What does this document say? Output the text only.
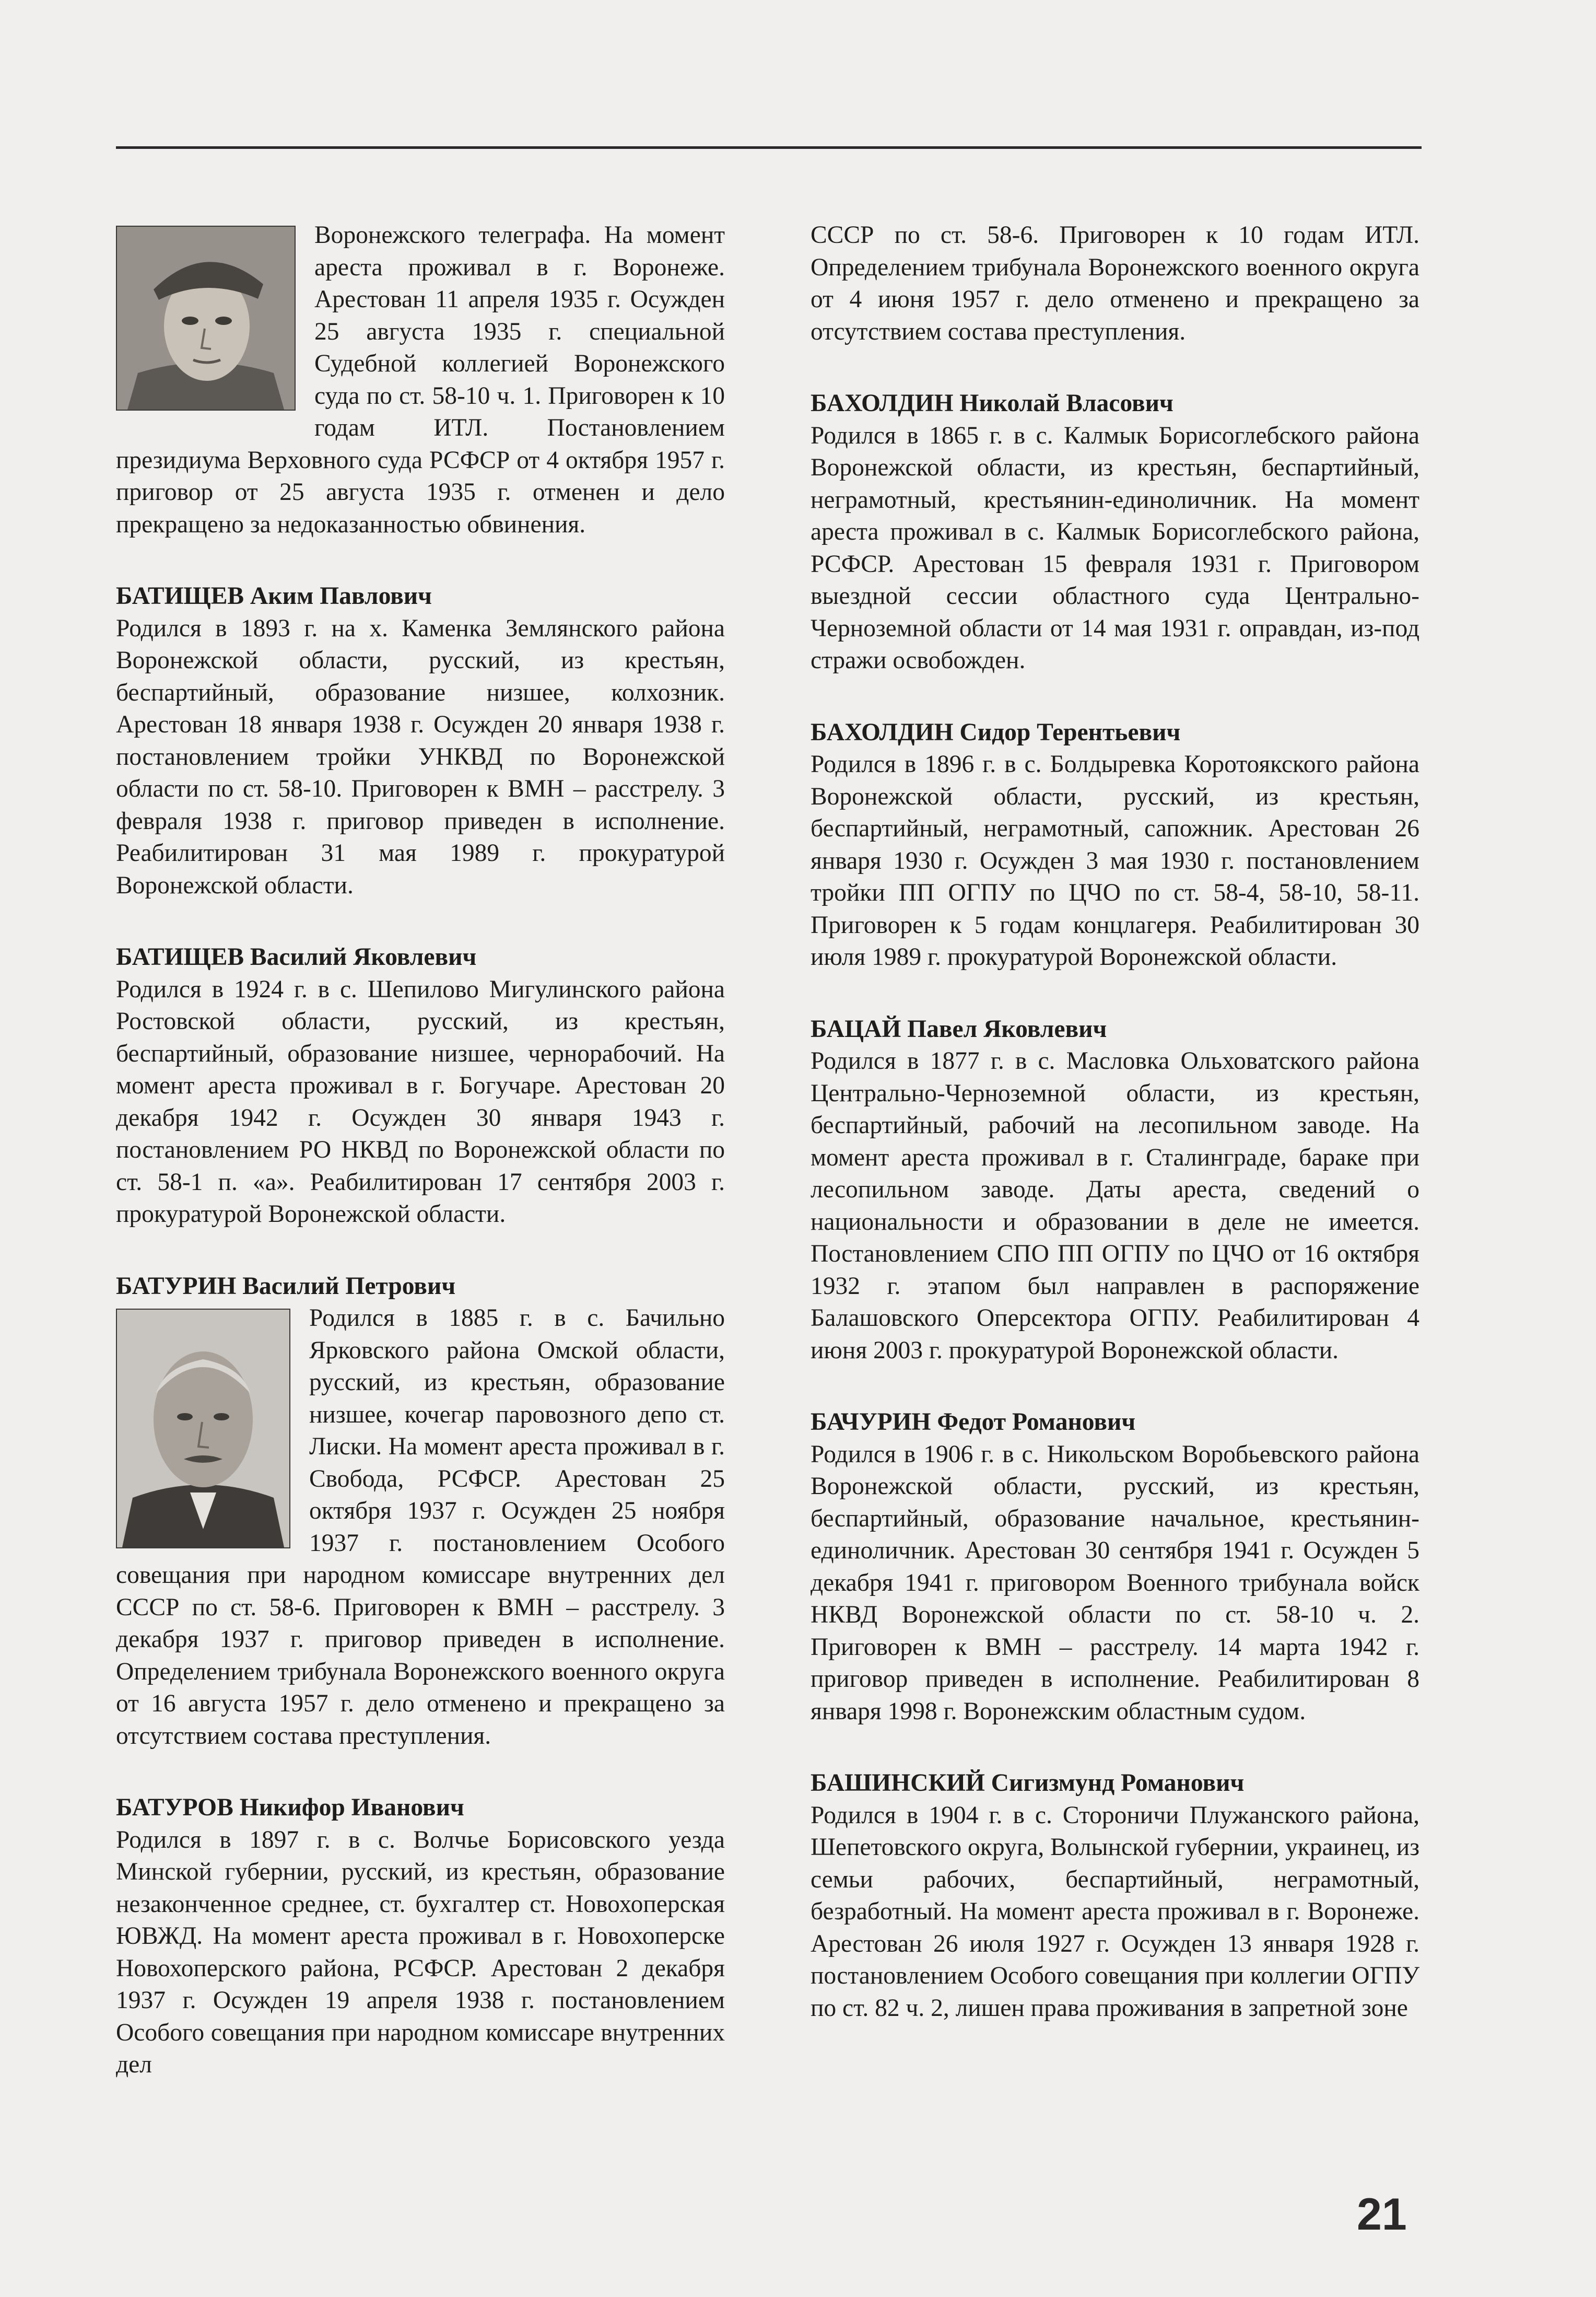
Воронежского телеграфа. На момент ареста проживал в г. Воронеже. Арестован 11 апреля 1935 г. Осужден 25 августа 1935 г. специальной Судебной коллегией Воронежского суда по ст. 58-10 ч. 1. Приговорен к 10 годам ИТЛ. Постановлением президиума Верховного суда РСФСР от 4 октября 1957 г. приговор от 25 августа 1935 г. отменен и дело прекращено за недоказанностью обвинения.
БАТИЩЕВ Аким Павлович
Родился в 1893 г. на х. Каменка Землянского района Воронежской области, русский, из крестьян, беспартийный, образование низшее, колхозник. Арестован 18 января 1938 г. Осужден 20 января 1938 г. постановлением тройки УНКВД по Воронежской области по ст. 58-10. Приговорен к ВМН – расстрелу. 3 февраля 1938 г. приговор приведен в исполнение. Реабилитирован 31 мая 1989 г. прокуратурой Воронежской области.
БАТИЩЕВ Василий Яковлевич
Родился в 1924 г. в с. Шепилово Мигулинского района Ростовской области, русский, из крестьян, беспартийный, образование низшее, чернорабочий. На момент ареста проживал в г. Богучаре. Арестован 20 декабря 1942 г. Осужден 30 января 1943 г. постановлением РО НКВД по Воронежской области по ст. 58-1 п. «а». Реабилитирован 17 сентября 2003 г. прокуратурой Воронежской области.
БАТУРИН Василий Петрович
Родился в 1885 г. в с. Бачильно Ярковского района Омской области, русский, из крестьян, образование низшее, кочегар паровозного депо ст. Лиски. На момент ареста проживал в г. Свобода, РСФСР. Арестован 25 октября 1937 г. Осужден 25 ноября 1937 г. постановлением Особого совещания при народном комиссаре внутренних дел СССР по ст. 58-6. Приговорен к ВМН – расстрелу. 3 декабря 1937 г. приговор приведен в исполнение. Определением трибунала Воронежского военного округа от 16 августа 1957 г. дело отменено и прекращено за отсутствием состава преступления.
БАТУРОВ Никифор Иванович
Родился в 1897 г. в с. Волчье Борисовского уезда Минской губернии, русский, из крестьян, образование незаконченное среднее, ст. бухгалтер ст. Новохоперская ЮВЖД. На момент ареста проживал в г. Новохоперске Новохоперского района, РСФСР. Арестован 2 декабря 1937 г. Осужден 19 апреля 1938 г. постановлением Особого совещания при народном комиссаре внутренних дел
СССР по ст. 58-6. Приговорен к 10 годам ИТЛ. Определением трибунала Воронежского военного округа от 4 июня 1957 г. дело отменено и прекращено за отсутствием состава преступления.
БАХОЛДИН Николай Власович
Родился в 1865 г. в с. Калмык Борисоглебского района Воронежской области, из крестьян, беспартийный, неграмотный, крестьянин-единоличник. На момент ареста проживал в с. Калмык Борисоглебского района, РСФСР. Арестован 15 февраля 1931 г. Приговором выездной сессии областного суда Центрально-Черноземной области от 14 мая 1931 г. оправдан, из-под стражи освобожден.
БАХОЛДИН Сидор Терентьевич
Родился в 1896 г. в с. Болдыревка Коротоякского района Воронежской области, русский, из крестьян, беспартийный, неграмотный, сапожник. Арестован 26 января 1930 г. Осужден 3 мая 1930 г. постановлением тройки ПП ОГПУ по ЦЧО по ст. 58-4, 58-10, 58-11. Приговорен к 5 годам концлагеря. Реабилитирован 30 июля 1989 г. прокуратурой Воронежской области.
БАЦАЙ Павел Яковлевич
Родился в 1877 г. в с. Масловка Ольховатского района Центрально-Черноземной области, из крестьян, беспартийный, рабочий на лесопильном заводе. На момент ареста проживал в г. Сталинграде, бараке при лесопильном заводе. Даты ареста, сведений о национальности и образовании в деле не имеется. Постановлением СПО ПП ОГПУ по ЦЧО от 16 октября 1932 г. этапом был направлен в распоряжение Балашовского Оперсектора ОГПУ. Реабилитирован 4 июня 2003 г. прокуратурой Воронежской области.
БАЧУРИН Федот Романович
Родился в 1906 г. в с. Никольском Воробьевского района Воронежской области, русский, из крестьян, беспартийный, образование начальное, крестьянин-единоличник. Арестован 30 сентября 1941 г. Осужден 5 декабря 1941 г. приговором Военного трибунала войск НКВД Воронежской области по ст. 58-10 ч. 2. Приговорен к ВМН – расстрелу. 14 марта 1942 г. приговор приведен в исполнение. Реабилитирован 8 января 1998 г. Воронежским областным судом.
БАШИНСКИЙ Сигизмунд Романович
Родился в 1904 г. в с. Стороничи Плужанского района, Шепетовского округа, Волынской губернии, украинец, из семьи рабочих, беспартийный, неграмотный, безработный. На момент ареста проживал в г. Воронеже. Арестован 26 июля 1927 г. Осужден 13 января 1928 г. постановлением Особого совещания при коллегии ОГПУ по ст. 82 ч. 2, лишен права проживания в запретной зоне
21
